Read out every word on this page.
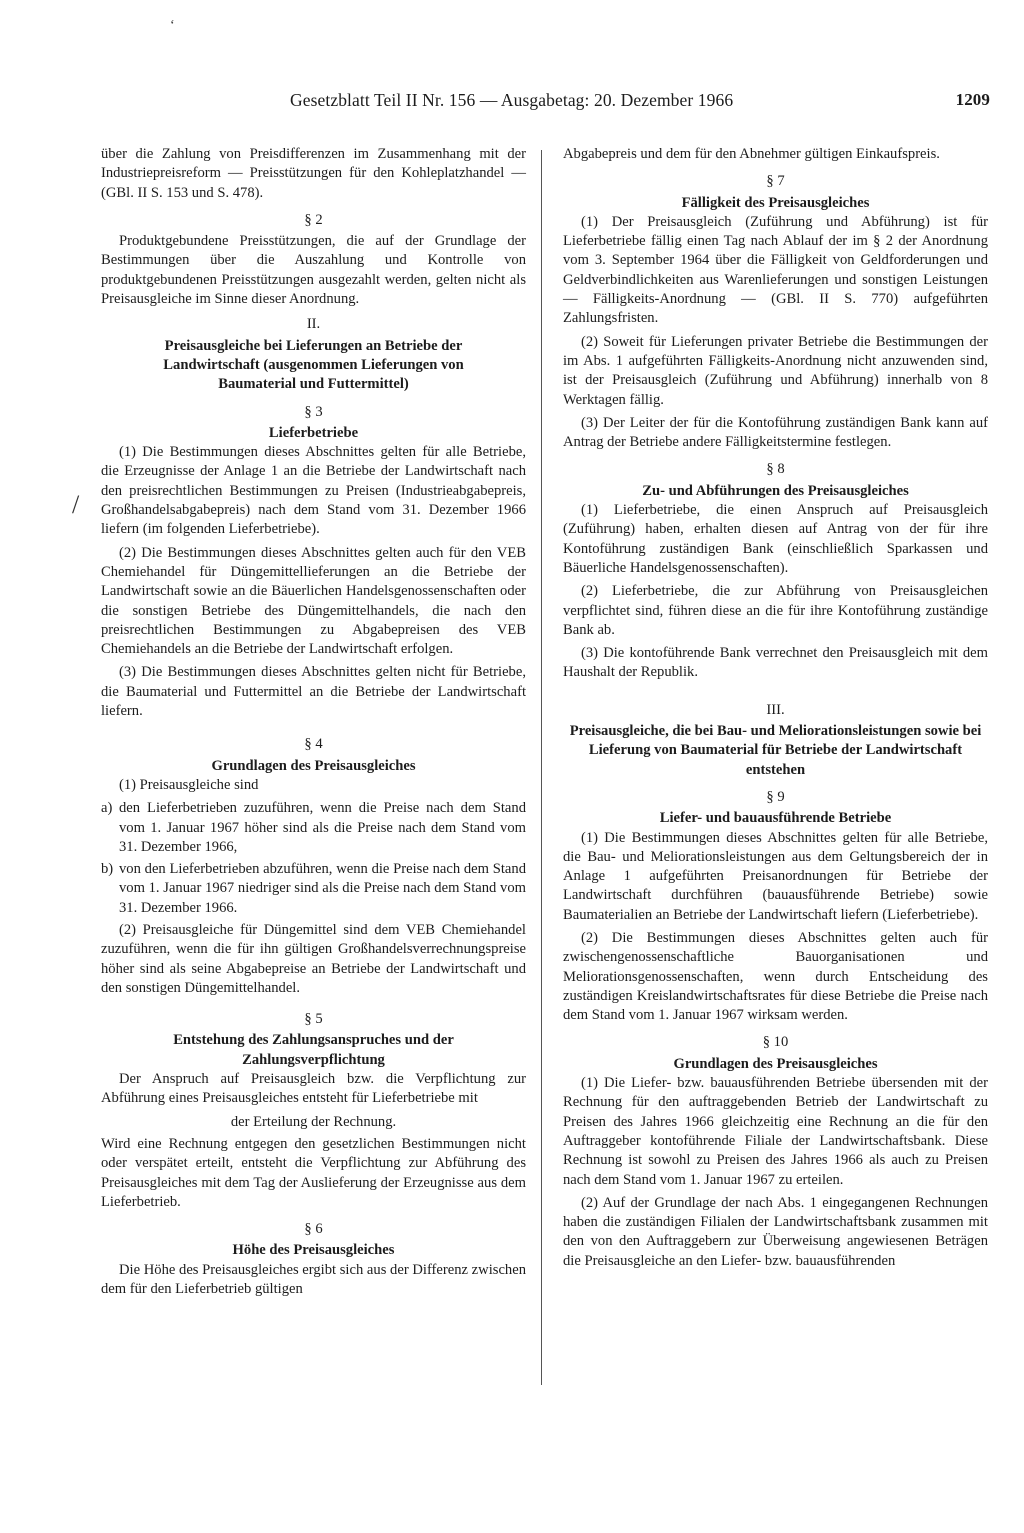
Gesetzblatt Teil II Nr. 156 — Ausgabetag: 20. Dezember 1966	1209
ʻ
/

über die Zahlung von Preisdifferenzen im Zusammenhang mit der Industriepreisreform — Preisstützungen für den Kohleplatzhandel — (GBl. II S. 153 und S. 478).

§ 2

Produktgebundene Preisstützungen, die auf der Grundlage der Bestimmungen über die Auszahlung und Kontrolle von produktgebundenen Preisstützungen ausgezahlt werden, gelten nicht als Preisausgleiche im Sinne dieser Anordnung.

II.

Preisausgleiche bei Lieferungen an Betriebe der Landwirtschaft (ausgenommen Lieferungen von Baumaterial und Futtermittel)

§ 3

Lieferbetriebe

(1) Die Bestimmungen dieses Abschnittes gelten für alle Betriebe, die Erzeugnisse der Anlage 1 an die Betriebe der Landwirtschaft nach den preisrechtlichen Bestimmungen zu Preisen (Industrieabgabepreis, Großhandelsabgabepreis) nach dem Stand vom 31. Dezember 1966 liefern (im folgenden Lieferbetriebe).

(2) Die Bestimmungen dieses Abschnittes gelten auch für den VEB Chemiehandel für Düngemittellieferungen an die Betriebe der Landwirtschaft sowie an die Bäuerlichen Handelsgenossenschaften oder die sonstigen Betriebe des Düngemittelhandels, die nach den preisrechtlichen Bestimmungen zu Abgabepreisen des VEB Chemiehandels an die Betriebe der Landwirtschaft erfolgen.

(3) Die Bestimmungen dieses Abschnittes gelten nicht für Betriebe, die Baumaterial und Futtermittel an die Betriebe der Landwirtschaft liefern.

§ 4

Grundlagen des Preisausgleiches

(1) Preisausgleiche sind

a) den Lieferbetrieben zuzuführen, wenn die Preise nach dem Stand vom 1. Januar 1967 höher sind als die Preise nach dem Stand vom 31. Dezember 1966,
b) von den Lieferbetrieben abzuführen, wenn die Preise nach dem Stand vom 1. Januar 1967 niedriger sind als die Preise nach dem Stand vom 31. Dezember 1966.

(2) Preisausgleiche für Düngemittel sind dem VEB Chemiehandel zuzuführen, wenn die für ihn gültigen Großhandelsverrechnungspreise höher sind als seine Abgabepreise an Betriebe der Landwirtschaft und den sonstigen Düngemittelhandel.

§ 5

Entstehung des Zahlungsanspruches und der Zahlungsverpflichtung

Der Anspruch auf Preisausgleich bzw. die Verpflichtung zur Abführung eines Preisausgleiches entsteht für Lieferbetriebe mit

der Erteilung der Rechnung.

Wird eine Rechnung entgegen den gesetzlichen Bestimmungen nicht oder verspätet erteilt, entsteht die Verpflichtung zur Abführung des Preisausgleiches mit dem Tag der Auslieferung der Erzeugnisse aus dem Lieferbetrieb.

§ 6

Höhe des Preisausgleiches

Die Höhe des Preisausgleiches ergibt sich aus der Differenz zwischen dem für den Lieferbetrieb gültigen

Abgabepreis und dem für den Abnehmer gültigen Einkaufspreis.

§ 7

Fälligkeit des Preisausgleiches

(1) Der Preisausgleich (Zuführung und Abführung) ist für Lieferbetriebe fällig einen Tag nach Ablauf der im § 2 der Anordnung vom 3. September 1964 über die Fälligkeit von Geldforderungen und Geldverbindlichkeiten aus Warenlieferungen und sonstigen Leistungen — Fälligkeits-Anordnung — (GBl. II S. 770) aufgeführten Zahlungsfristen.

(2) Soweit für Lieferungen privater Betriebe die Bestimmungen der im Abs. 1 aufgeführten Fälligkeits-Anordnung nicht anzuwenden sind, ist der Preisausgleich (Zuführung und Abführung) innerhalb von 8 Werktagen fällig.

(3) Der Leiter der für die Kontoführung zuständigen Bank kann auf Antrag der Betriebe andere Fälligkeitstermine festlegen.

§ 8

Zu- und Abführungen des Preisausgleiches

(1) Lieferbetriebe, die einen Anspruch auf Preisausgleich (Zuführung) haben, erhalten diesen auf Antrag von der für ihre Kontoführung zuständigen Bank (einschließlich Sparkassen und Bäuerliche Handelsgenossenschaften).

(2) Lieferbetriebe, die zur Abführung von Preisausgleichen verpflichtet sind, führen diese an die für ihre Kontoführung zuständige Bank ab.

(3) Die kontoführende Bank verrechnet den Preisausgleich mit dem Haushalt der Republik.

III.

Preisausgleiche, die bei Bau- und Meliorationsleistungen sowie bei Lieferung von Baumaterial für Betriebe der Landwirtschaft entstehen

§ 9

Liefer- und bauausführende Betriebe

(1) Die Bestimmungen dieses Abschnittes gelten für alle Betriebe, die Bau- und Meliorationsleistungen aus dem Geltungsbereich der in Anlage 1 aufgeführten Preisanordnungen für Betriebe der Landwirtschaft durchführen (bauausführende Betriebe) sowie Baumaterialien an Betriebe der Landwirtschaft liefern (Lieferbetriebe).

(2) Die Bestimmungen dieses Abschnittes gelten auch für zwischengenossenschaftliche Bauorganisationen und Meliorationsgenossenschaften, wenn durch Entscheidung des zuständigen Kreislandwirtschaftsrates für diese Betriebe die Preise nach dem Stand vom 1. Januar 1967 wirksam werden.

§ 10

Grundlagen des Preisausgleiches

(1) Die Liefer- bzw. bauausführenden Betriebe übersenden mit der Rechnung für den auftraggebenden Betrieb der Landwirtschaft zu Preisen des Jahres 1966 gleichzeitig eine Rechnung an die für den Auftraggeber kontoführende Filiale der Landwirtschaftsbank. Diese Rechnung ist sowohl zu Preisen des Jahres 1966 als auch zu Preisen nach dem Stand vom 1. Januar 1967 zu erteilen.

(2) Auf der Grundlage der nach Abs. 1 eingegangenen Rechnungen haben die zuständigen Filialen der Landwirtschaftsbank zusammen mit den von den Auftraggebern zur Überweisung angewiesenen Beträgen die Preisausgleiche an den Liefer- bzw. bauausführenden
